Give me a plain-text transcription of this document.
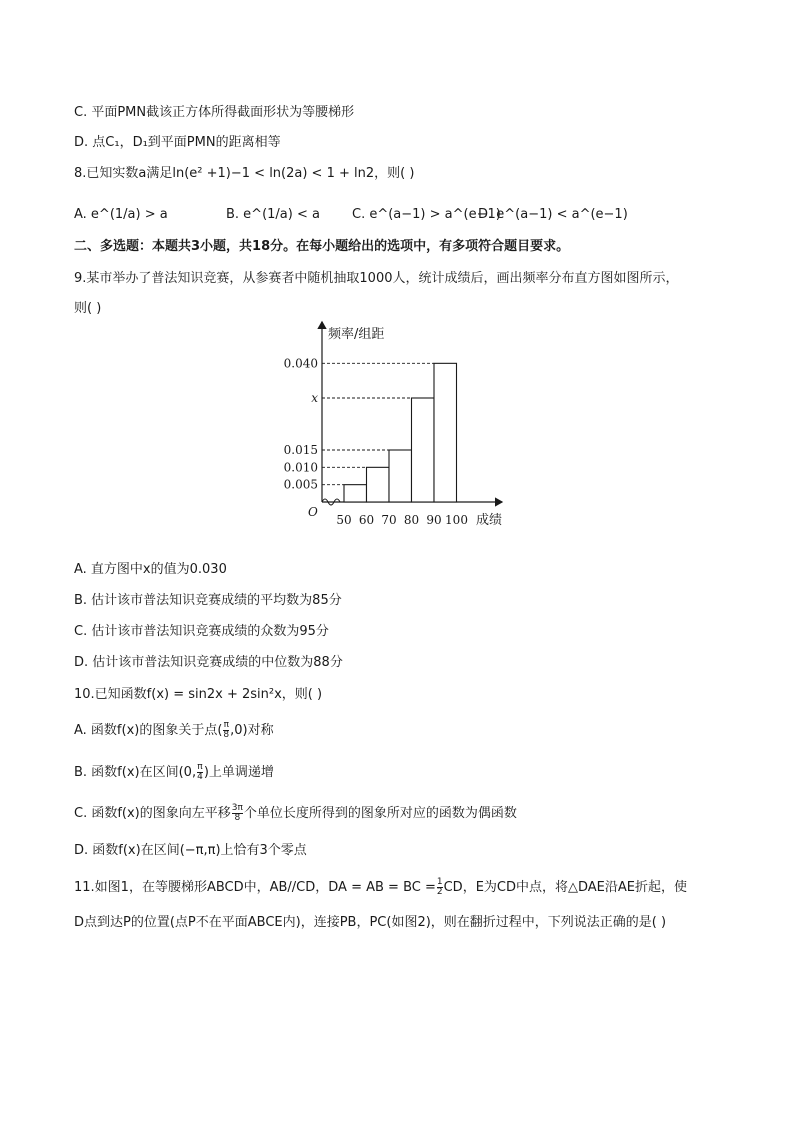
C. 平面PMN截该正方体所得截面形状为等腰梯形
D. 点C₁，D₁到平面PMN的距离相等
8.已知实数a满足ln(e² +1)−1 < ln(2a) < 1 + ln2，则( )
A. e^(1/a) > a	B. e^(1/a) < a C. e^(a−1) > a^(e−1)
D. e^(a−1) < a^(e−1)
二、多选题：本题共3小题，共18分。在每小题给出的选项中，有多项符合题目要求。
9.某市举办了普法知识竞赛，从参赛者中随机抽取1000人，统计成绩后，画出频率分布直方图如图所示，
则( )
频率/组距
成绩
O
50 60 70 80 90 100
0.005
0.010
0.015
x
0.040
A. 直方图中x的值为0.030
B. 估计该市普法知识竞赛成绩的平均数为85分
C. 估计该市普法知识竞赛成绩的众数为95分
D. 估计该市普法知识竞赛成绩的中位数为88分
10.已知函数f(x) = sin2x + 2sin²x，则( )
A. 函数f(x)的图象关于点( $\frac{\pi}{8} ,0$)对称
B. 函数f(x)在区间(0, $\frac{\pi}{4}$ )上单调递增
C. 函数f(x)的图象向左平移 $\frac{3\pi}{8}$ 个单位长度所得到的图象所对应的函数为偶函数
D. 函数f(x)在区间(−π,π)上恰有3个零点
11.如图1，在等腰梯形ABCD中，AB//CD，DA = AB = BC = $\frac{1}{2}$ CD，E为CD中点，将△DAE沿AE折起，使
D点到达P的位置(点P不在平面ABCE内)，连接PB，PC(如图2)，则在翻折过程中，下列说法正确的是( )
